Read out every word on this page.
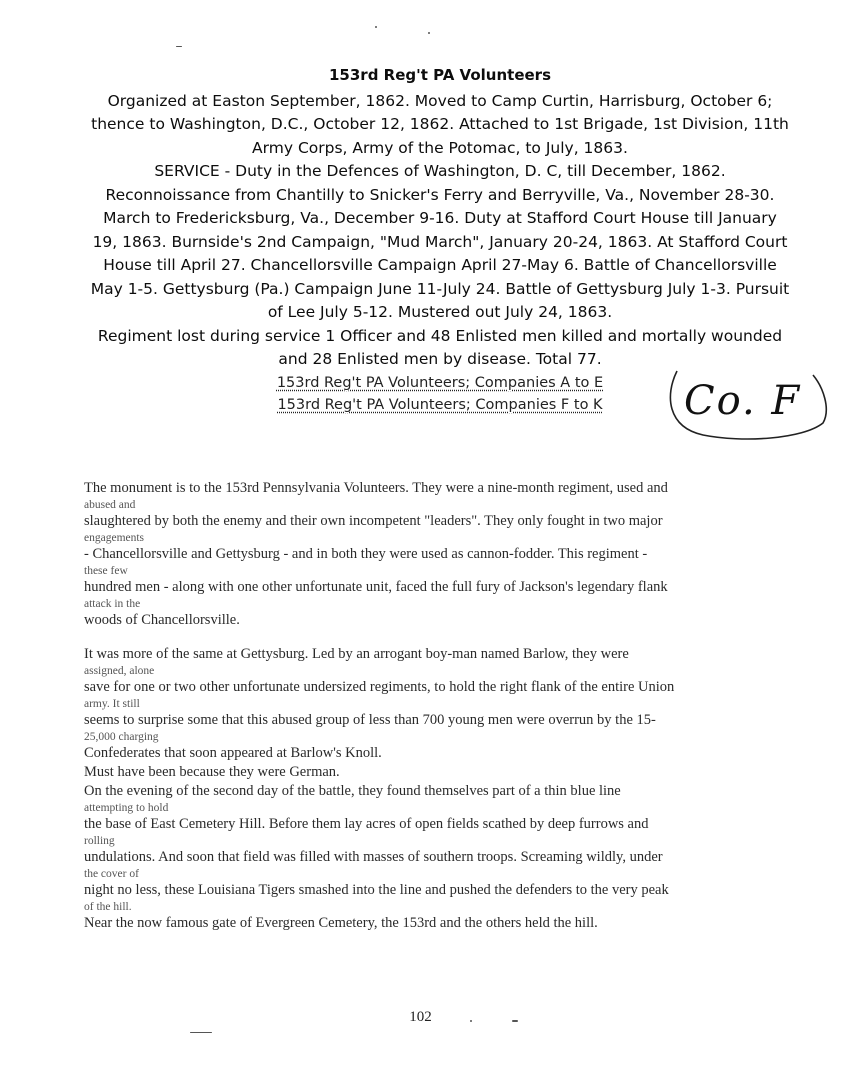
153rd Reg't PA Volunteers

Organized at Easton September, 1862. Moved to Camp Curtin, Harrisburg, October 6; thence to Washington, D.C., October 12, 1862. Attached to 1st Brigade, 1st Division, 11th Army Corps, Army of the Potomac, to July, 1863.

SERVICE - Duty in the Defences of Washington, D. C, till December, 1862. Reconnoissance from Chantilly to Snicker's Ferry and Berryville, Va., November 28-30. March to Fredericksburg, Va., December 9-16. Duty at Stafford Court House till January 19, 1863. Burnside's 2nd Campaign, "Mud March", January 20-24, 1863. At Stafford Court House till April 27. Chancellorsville Campaign April 27-May 6. Battle of Chancellorsville May 1-5. Gettysburg (Pa.) Campaign June 11-July 24. Battle of Gettysburg July 1-3. Pursuit of Lee July 5-12. Mustered out July 24, 1863.

Regiment lost during service 1 Officer and 48 Enlisted men killed and mortally wounded and 28 Enlisted men by disease. Total 77.

153rd Reg't PA Volunteers; Companies A to E
153rd Reg't PA Volunteers; Companies F to K	Co. F

The monument is to the 153rd Pennsylvania Volunteers. They were a nine-month regiment, used and

abused and

slaughtered by both the enemy and their own incompetent "leaders". They only fought in two major

engagements

- Chancellorsville and Gettysburg - and in both they were used as cannon-fodder. This regiment -

these few

hundred men - along with one other unfortunate unit, faced the full fury of Jackson's legendary flank

attack in the

woods of Chancellorsville.

It was more of the same at Gettysburg. Led by an arrogant boy-man named Barlow, they were

assigned, alone

save for one or two other unfortunate undersized regiments, to hold the right flank of the entire Union

army. It still

seems to surprise some that this abused group of less than 700 young men were overrun by the 15-

25,000 charging

Confederates that soon appeared at Barlow's Knoll.

Must have been because they were German.

On the evening of the second day of the battle, they found themselves part of a thin blue line

attempting to hold

the base of East Cemetery Hill. Before them lay acres of open fields scathed by deep furrows and

rolling

undulations. And soon that field was filled with masses of southern troops. Screaming wildly, under

the cover of

night no less, these Louisiana Tigers smashed into the line and pushed the defenders to the very peak

of the hill.

Near the now famous gate of Evergreen Cemetery, the 153rd and the others held the hill.

102
